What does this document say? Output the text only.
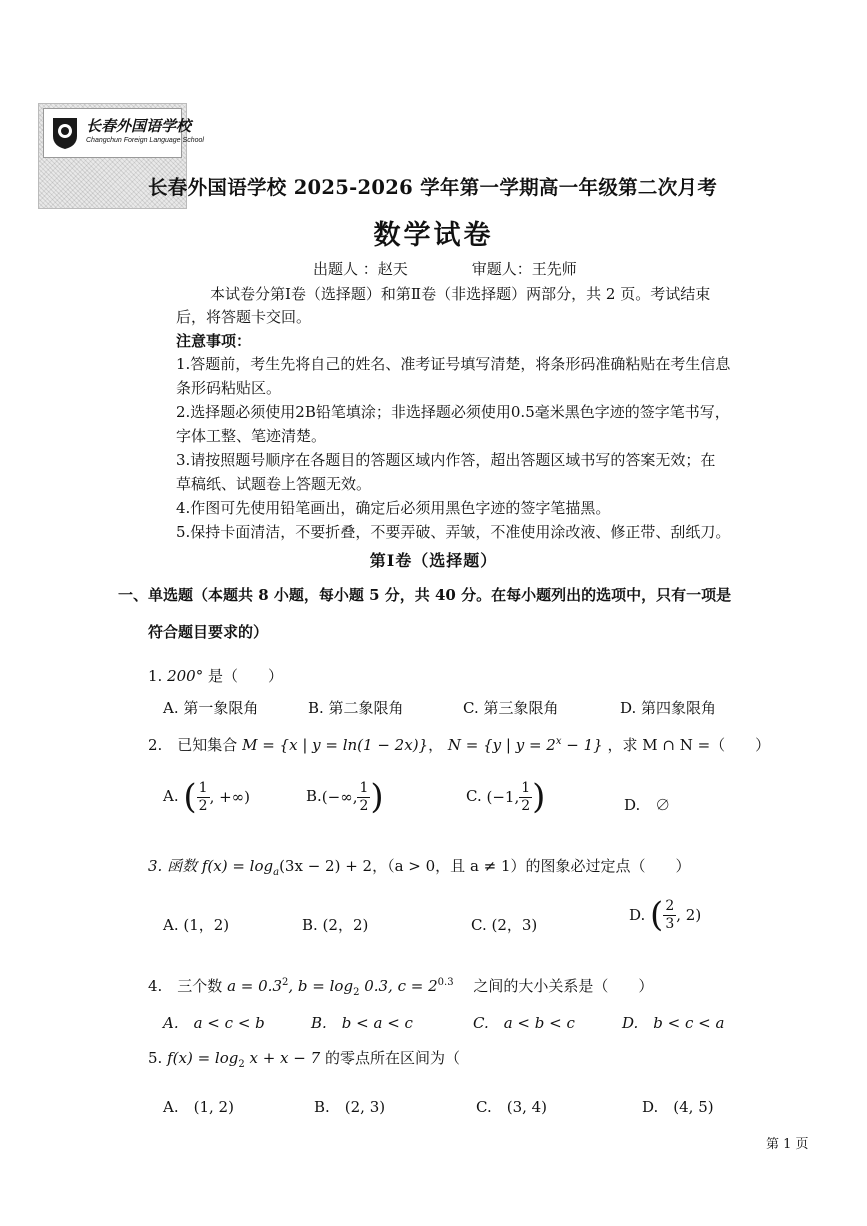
长春外国语学校
Changchun Foreign Language School
长春外国语学校 2025-2026 学年第一学期高一年级第二次月考
数学试卷
出题人 ：赵天	审题人：王先师
本试卷分第Ⅰ卷（选择题）和第Ⅱ卷（非选择题）两部分，共 2 页。考试结束
后，将答题卡交回。
注意事项：
1.答题前，考生先将自己的姓名、准考证号填写清楚，将条形码准确粘贴在考生信息
条形码粘贴区。
2.选择题必须使用2B铅笔填涂；非选择题必须使用0.5毫米黑色字迹的签字笔书写，
字体工整、笔迹清楚。
3.请按照题号顺序在各题目的答题区域内作答，超出答题区域书写的答案无效；在
草稿纸、试题卷上答题无效。
4.作图可先使用铅笔画出，确定后必须用黑色字迹的签字笔描黑。
5.保持卡面清洁，不要折叠，不要弄破、弄皱，不准使用涂改液、修正带、刮纸刀。
第Ⅰ卷（选择题）
一、单选题（本题共 8 小题，每小题 5 分，共 40 分。在每小题列出的选项中，只有一项是
符合题目要求的）
1. 200° 是（　　）
A. 第一象限角	B. 第二象限角	C. 第三象限角	D. 第四象限角
2.　已知集合 M = {x | y = ln(1 − 2x)}， N = {y | $y = 2^x - 1$} ，求 M ∩ N =（　　）
A. ( $\frac{1}{2}$ , +∞)	B.(−∞, $\frac{1}{2}$ )	C. (−1, $\frac{1}{2}$ )	D.　∅
3. 函数 $f(x) = \log_a(3x - 2) + 2$，（a > 0，且 a ≠ 1）的图象必过定点（　　）
A. (1，2)	B. (2，2)	C. (2，3)
D. ( $\frac{2}{3}$ , 2)
4.　三个数 $a = 0.3^2$, $b = \log_2 0.3$, $c = 2^{0.3}$ 　之间的大小关系是（　　）
A.　a < c < b	B.　b < a < c	C.　a < b < c	D.　b < c < a
5. $f(x) = \log_2 x + x - 7$ 的零点所在区间为（
A.　(1, 2)	B.　(2, 3)	C.　(3, 4)	D.　(4, 5)
第 1 页
